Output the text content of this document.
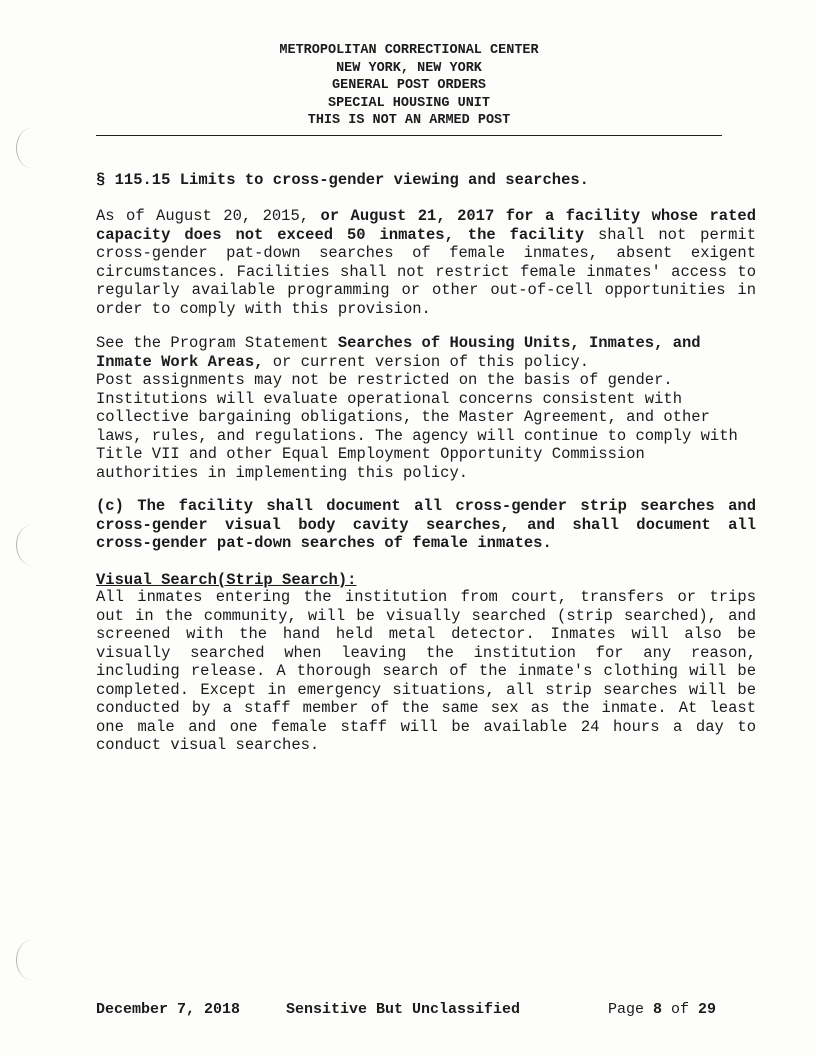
METROPOLITAN CORRECTIONAL CENTER
NEW YORK, NEW YORK
GENERAL POST ORDERS
SPECIAL HOUSING UNIT
THIS IS NOT AN ARMED POST
§ 115.15 Limits to cross-gender viewing and searches.
As of August 20, 2015, or August 21, 2017 for a facility whose rated capacity does not exceed 50 inmates, the facility shall not permit cross-gender pat-down searches of female inmates, absent exigent circumstances. Facilities shall not restrict female inmates' access to regularly available programming or other out-of-cell opportunities in order to comply with this provision.
See the Program Statement Searches of Housing Units, Inmates, and Inmate Work Areas, or current version of this policy.
Post assignments may not be restricted on the basis of gender. Institutions will evaluate operational concerns consistent with collective bargaining obligations, the Master Agreement, and other laws, rules, and regulations. The agency will continue to comply with Title VII and other Equal Employment Opportunity Commission authorities in implementing this policy.
(c) The facility shall document all cross-gender strip searches and cross-gender visual body cavity searches, and shall document all cross-gender pat-down searches of female inmates.
Visual Search(Strip Search):
All inmates entering the institution from court, transfers or trips out in the community, will be visually searched (strip searched), and screened with the hand held metal detector. Inmates will also be visually searched when leaving the institution for any reason, including release. A thorough search of the inmate's clothing will be completed. Except in emergency situations, all strip searches will be conducted by a staff member of the same sex as the inmate. At least one male and one female staff will be available 24 hours a day to conduct visual searches.
December 7, 2018	Sensitive But Unclassified	Page 8 of 29
